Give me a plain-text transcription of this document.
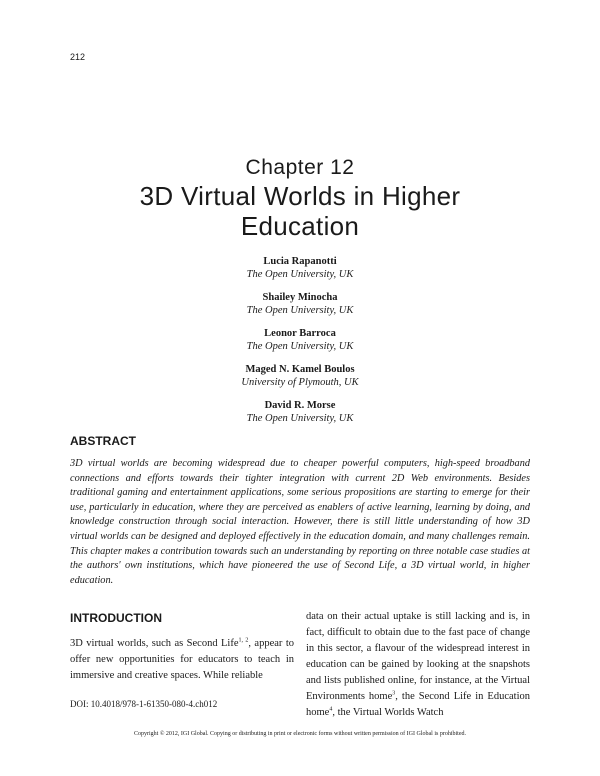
212
Chapter 12
3D Virtual Worlds in Higher Education
Lucia Rapanotti
The Open University, UK
Shailey Minocha
The Open University, UK
Leonor Barroca
The Open University, UK
Maged N. Kamel Boulos
University of Plymouth, UK
David R. Morse
The Open University, UK
ABSTRACT

3D virtual worlds are becoming widespread due to cheaper powerful computers, high-speed broadband connections and efforts towards their tighter integration with current 2D Web environments. Besides traditional gaming and entertainment applications, some serious propositions are starting to emerge for their use, particularly in education, where they are perceived as enablers of active learning, learning by doing, and knowledge construction through social interaction. However, there is still little understanding of how 3D virtual worlds can be designed and deployed effectively in the education domain, and many challenges remain. This chapter makes a contribution towards such an understanding by reporting on three notable case studies at the authors' own institutions, which have pioneered the use of Second Life, a 3D virtual world, in higher education.

INTRODUCTION

3D virtual worlds, such as Second Life$^{1, 2}$, appear to offer new opportunities for educators to teach in immersive and creative spaces. While reliable

data on their actual uptake is still lacking and is, in fact, difficult to obtain due to the fast pace of change in this sector, a flavour of the widespread interest in education can be gained by looking at the snapshots and lists published online, for instance, at the Virtual Environments home$^3$, the Second Life in Education home$^4$, the Virtual Worlds Watch

DOI: 10.4018/978-1-61350-080-4.ch012
Copyright © 2012, IGI Global. Copying or distributing in print or electronic forms without written permission of IGI Global is prohibited.
